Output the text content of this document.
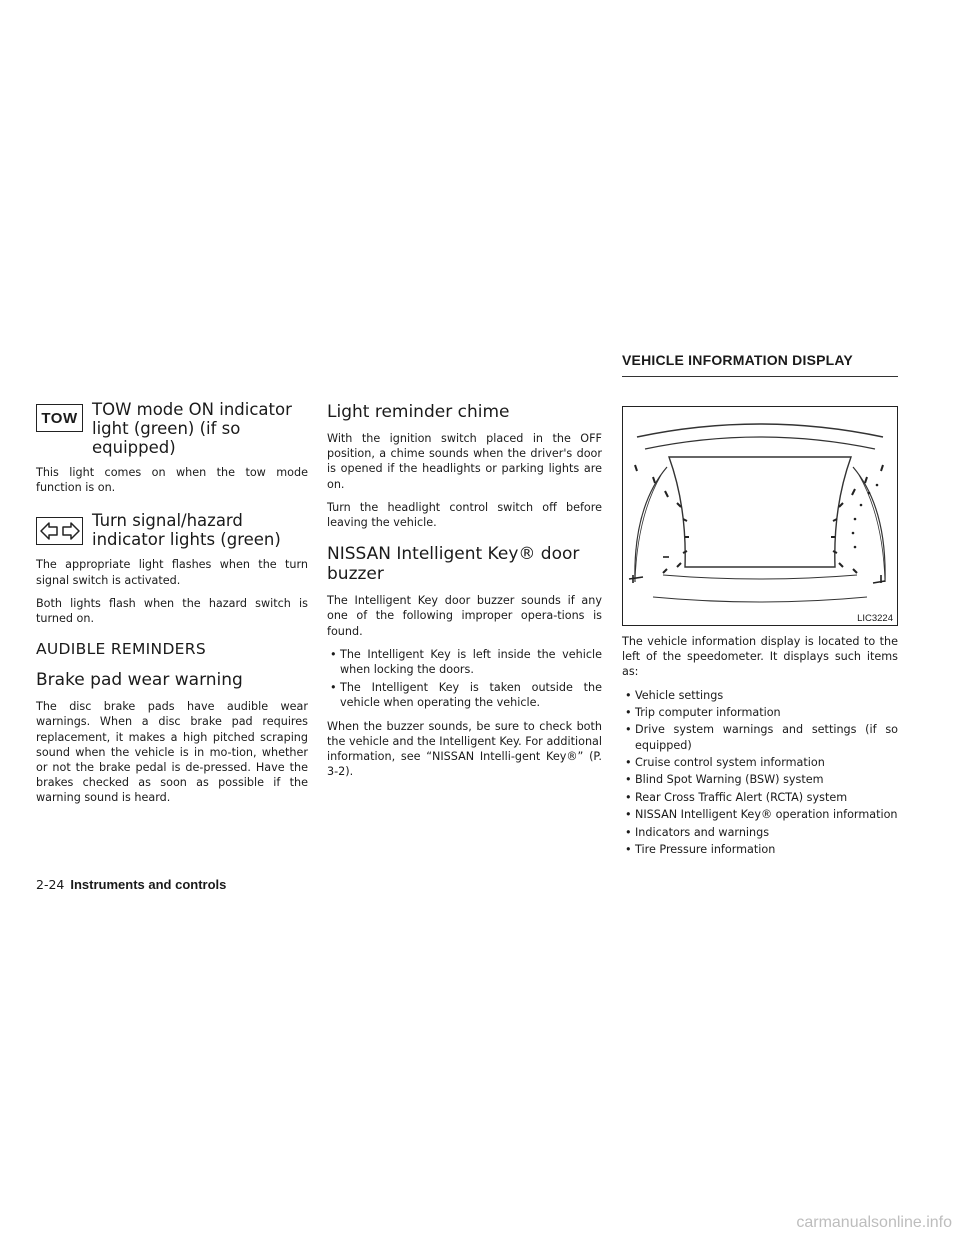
VEHICLE INFORMATION DISPLAY
TOW TOW mode ON indicator light (green) (if so equipped)

This light comes on when the tow mode function is on.

Turn signal/hazard indicator lights (green)

The appropriate light flashes when the turn signal switch is activated.

Both lights flash when the hazard switch is turned on.

AUDIBLE REMINDERS
Brake pad wear warning

The disc brake pads have audible wear warnings. When a disc brake pad requires replacement, it makes a high pitched scraping sound when the vehicle is in mo-tion, whether or not the brake pedal is de-pressed. Have the brakes checked as soon as possible if the warning sound is heard.

Light reminder chime

With the ignition switch placed in the OFF position, a chime sounds when the driver's door is opened if the headlights or parking lights are on.

Turn the headlight control switch off before leaving the vehicle.

NISSAN Intelligent Key® door buzzer

The Intelligent Key door buzzer sounds if any one of the following improper opera-tions is found.

• The Intelligent Key is left inside the vehicle when locking the doors.
• The Intelligent Key is taken outside the vehicle when operating the vehicle.

When the buzzer sounds, be sure to check both the vehicle and the Intelligent Key. For additional information, see “NISSAN Intelli-gent Key®” (P. 3-2).

LIC3224

The vehicle information display is located to the left of the speedometer. It displays such items as:

• Vehicle settings
• Trip computer information
• Drive system warnings and settings (if so equipped)
• Cruise control system information
• Blind Spot Warning (BSW) system
• Rear Cross Traffic Alert (RCTA) system
• NISSAN Intelligent Key® operation information
• Indicators and warnings
• Tire Pressure information
2-24 Instruments and controls
carmanualsonline.info
